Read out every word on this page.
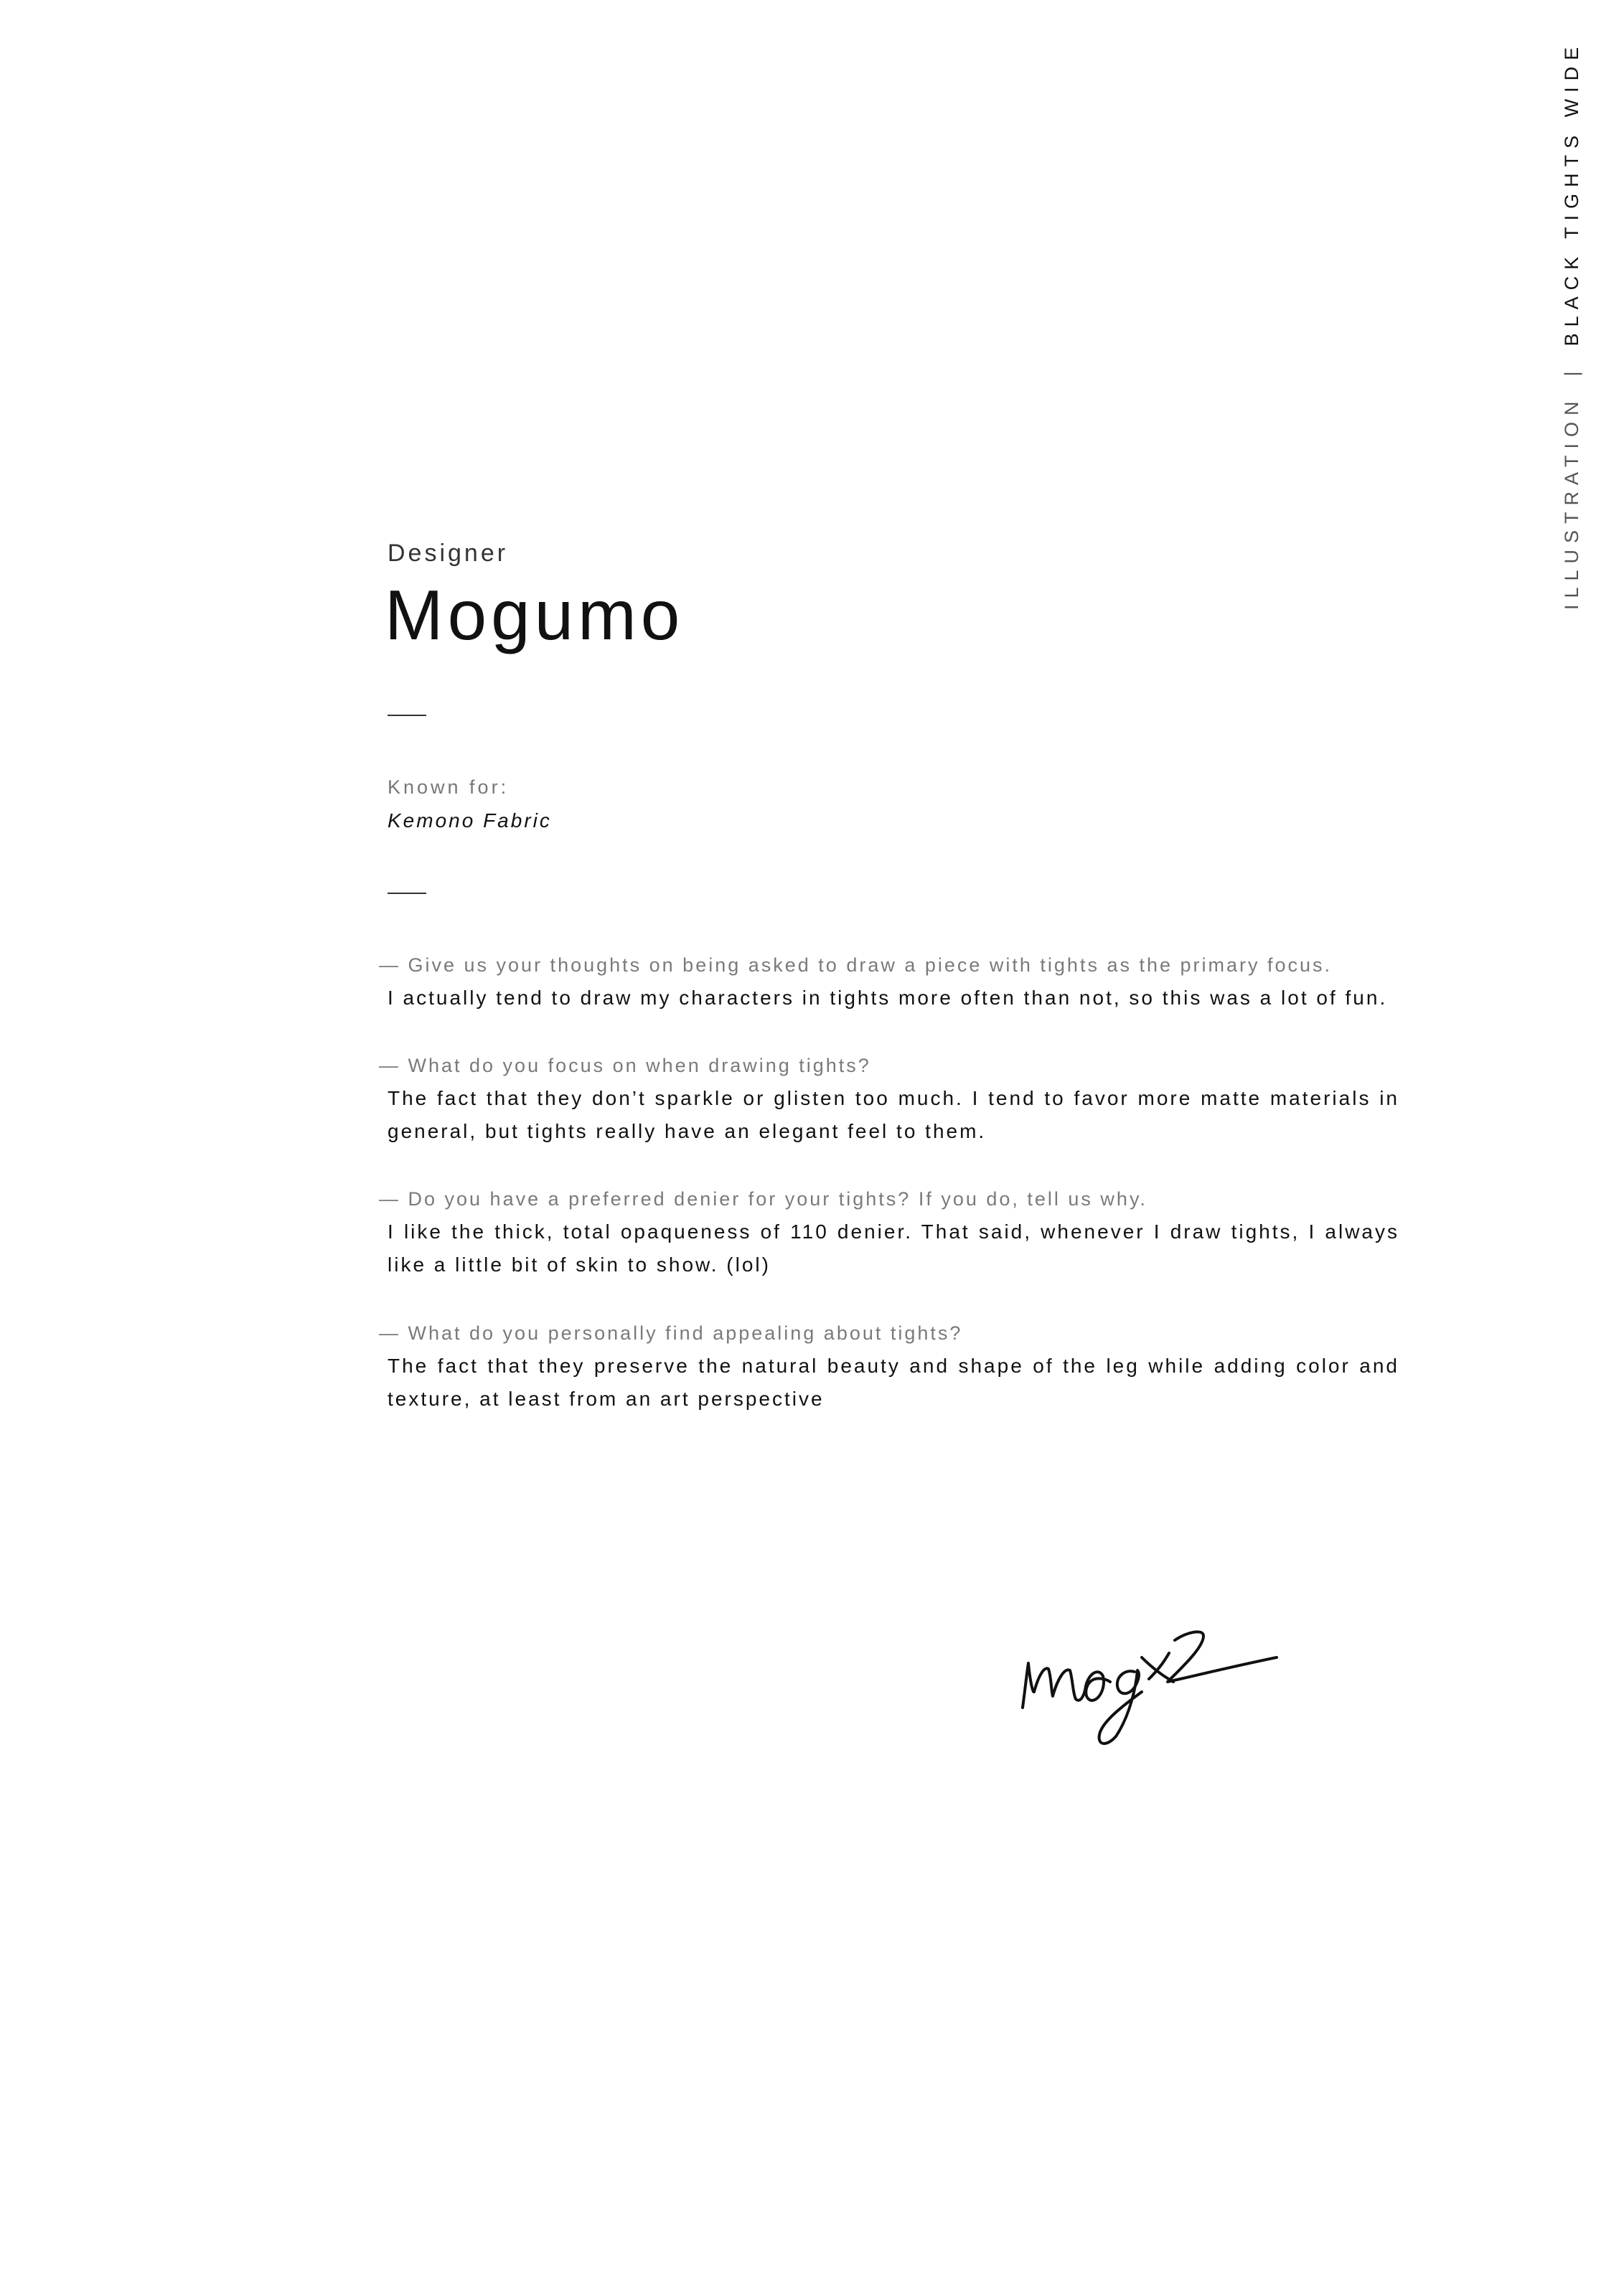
ILLUSTRATION
|
BLACK TIGHTS WIDE
Designer
Mogumo
Known for:
Kemono Fabric
— Give us your thoughts on being asked to draw a piece with tights as the primary focus.
I actually tend to draw my characters in tights more often than not, so this was a lot of fun.
— What do you focus on when drawing tights?
The fact that they don’t sparkle or glisten too much. I tend to favor more matte materials in general, but tights really have an elegant feel to them.
— Do you have a preferred denier for your tights? If you do, tell us why.
I like the thick, total opaqueness of 110 denier. That said, whenever I draw tights, I always like a little bit of skin to show. (lol)
— What do you personally find appealing about tights?
The fact that they preserve the natural beauty and shape of the leg while adding color and texture, at least from an art perspective
